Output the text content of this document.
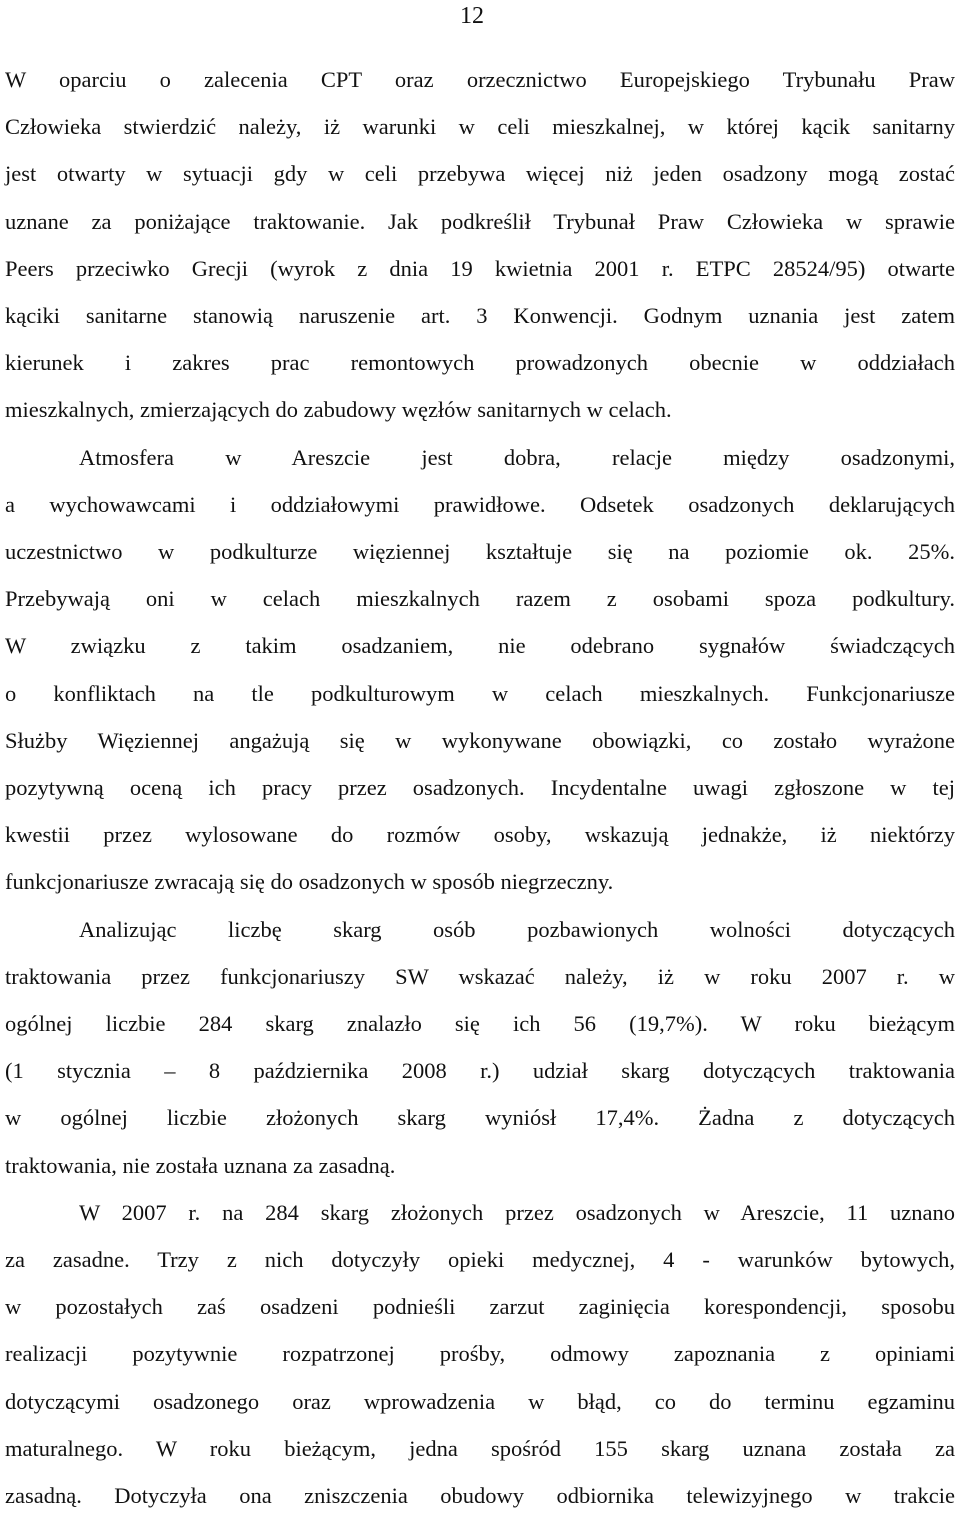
12
W oparciu o zalecenia CPT oraz orzecznictwo Europejskiego Trybunału Praw
Człowieka stwierdzić należy, iż warunki w celi mieszkalnej, w której kącik sanitarny
jest otwarty w sytuacji gdy w celi przebywa więcej niż jeden osadzony mogą zostać
uznane za poniżające traktowanie. Jak podkreślił Trybunał Praw Człowieka w sprawie
Peers przeciwko Grecji (wyrok z dnia 19 kwietnia 2001 r. ETPC 28524/95) otwarte
kąciki sanitarne stanowią naruszenie art. 3 Konwencji. Godnym uznania jest zatem
kierunek i zakres prac remontowych prowadzonych obecnie w oddziałach
mieszkalnych, zmierzających do zabudowy węzłów sanitarnych w celach.
Atmosfera w Areszcie jest dobra, relacje między osadzonymi,
a wychowawcami i oddziałowymi prawidłowe. Odsetek osadzonych deklarujących
uczestnictwo w podkulturze więziennej kształtuje się na poziomie ok. 25%.
Przebywają oni w celach mieszkalnych razem z osobami spoza podkultury.
W związku z takim osadzaniem, nie odebrano sygnałów świadczących
o konfliktach na tle podkulturowym w celach mieszkalnych. Funkcjonariusze
Służby Więziennej angażują się w wykonywane obowiązki, co zostało wyrażone
pozytywną oceną ich pracy przez osadzonych. Incydentalne uwagi zgłoszone w tej
kwestii przez wylosowane do rozmów osoby, wskazują jednakże, iż niektórzy
funkcjonariusze zwracają się do osadzonych w sposób niegrzeczny.
Analizując liczbę skarg osób pozbawionych wolności dotyczących
traktowania przez funkcjonariuszy SW wskazać należy, iż w roku 2007 r. w
ogólnej liczbie 284 skarg znalazło się ich 56 (19,7%). W roku bieżącym
(1 stycznia – 8 października 2008 r.) udział skarg dotyczących traktowania
w ogólnej liczbie złożonych skarg wyniósł 17,4%. Żadna z dotyczących
traktowania, nie została uznana za zasadną.
W 2007 r. na 284 skarg złożonych przez osadzonych w Areszcie, 11 uznano
za zasadne. Trzy z nich dotyczyły opieki medycznej, 4 - warunków bytowych,
w pozostałych zaś osadzeni podnieśli zarzut zaginięcia korespondencji, sposobu
realizacji pozytywnie rozpatrzonej prośby, odmowy zapoznania z opiniami
dotyczącymi osadzonego oraz wprowadzenia w błąd, co do terminu egzaminu
maturalnego. W roku bieżącym, jedna spośród 155 skarg uznana została za
zasadną. Dotyczyła ona zniszczenia obudowy odbiornika telewizyjnego w trakcie
